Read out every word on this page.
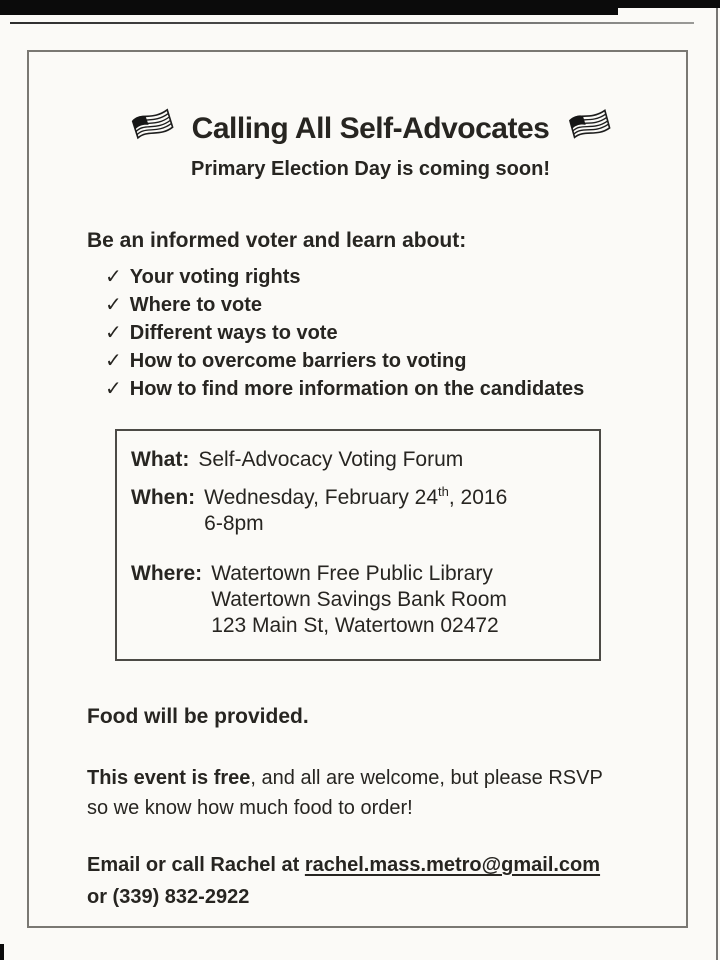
Calling All Self-Advocates

Primary Election Day is coming soon!

Be an informed voter and learn about:

✓ Your voting rights
✓ Where to vote
✓ Different ways to vote
✓ How to overcome barriers to voting
✓ How to find more information on the candidates
What: Self-Advocacy Voting Forum
When: Wednesday, February 24th, 2016
6-8pm
Where: Watertown Free Public Library
Watertown Savings Bank Room
123 Main St, Watertown 02472

Food will be provided.

This event is free, and all are welcome, but please RSVP
so we know how much food to order!

Email or call Rachel at rachel.mass.metro@gmail.com
or (339) 832-2922
